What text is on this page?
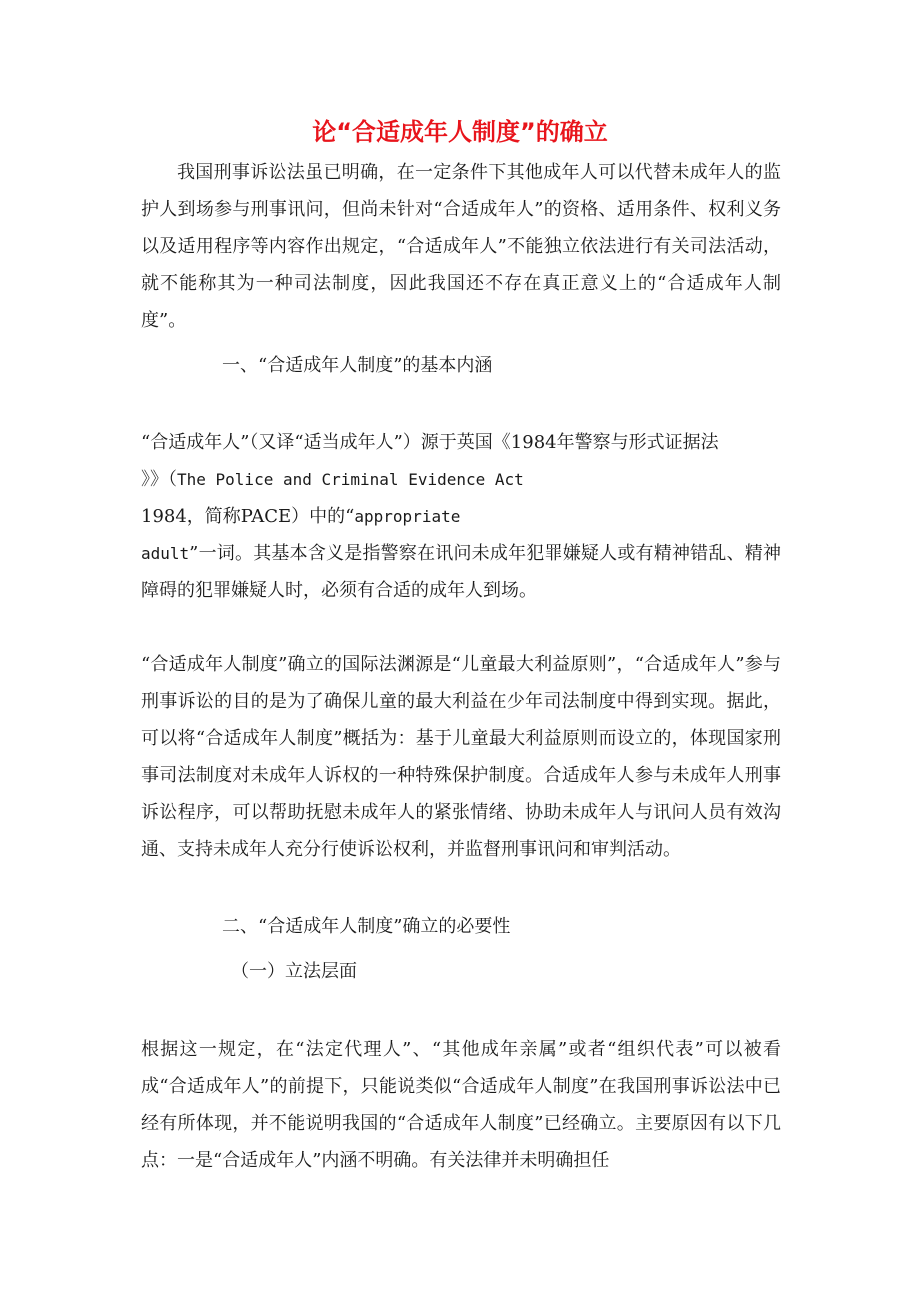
论“合适成年人制度”的确立

我国刑事诉讼法虽已明确，在一定条件下其他成年人可以代替未成年人的监护人到场参与刑事讯问，但尚未针对“合适成年人”的资格、适用条件、权利义务以及适用程序等内容作出规定，“合适成年人”不能独立依法进行有关司法活动，就不能称其为一种司法制度，因此我国还不存在真正意义上的“合适成年人制度”。

一、“合适成年人制度”的基本内涵

“合适成年人”（又译“适当成年人”）源于英国《1984年警察与形式证据法
》》（The Police and Criminal Evidence Act
1984，简称PACE）中的“appropriate
adult”一词。其基本含义是指警察在讯问未成年犯罪嫌疑人或有精神错乱、精神障碍的犯罪嫌疑人时，必须有合适的成年人到场。

“合适成年人制度”确立的国际法渊源是“儿童最大利益原则”，“合适成年人”参与刑事诉讼的目的是为了确保儿童的最大利益在少年司法制度中得到实现。据此，可以将“合适成年人制度”概括为：基于儿童最大利益原则而设立的，体现国家刑事司法制度对未成年人诉权的一种特殊保护制度。合适成年人参与未成年人刑事诉讼程序，可以帮助抚慰未成年人的紧张情绪、协助未成年人与讯问人员有效沟通、支持未成年人充分行使诉讼权利，并监督刑事讯问和审判活动。

二、“合适成年人制度”确立的必要性

（一）立法层面

根据这一规定，在“法定代理人”、“其他成年亲属”或者“组织代表”可以被看成“合适成年人”的前提下，只能说类似“合适成年人制度”在我国刑事诉讼法中已经有所体现，并不能说明我国的“合适成年人制度”已经确立。主要原因有以下几点：一是“合适成年人”内涵不明确。有关法律并未明确担任
